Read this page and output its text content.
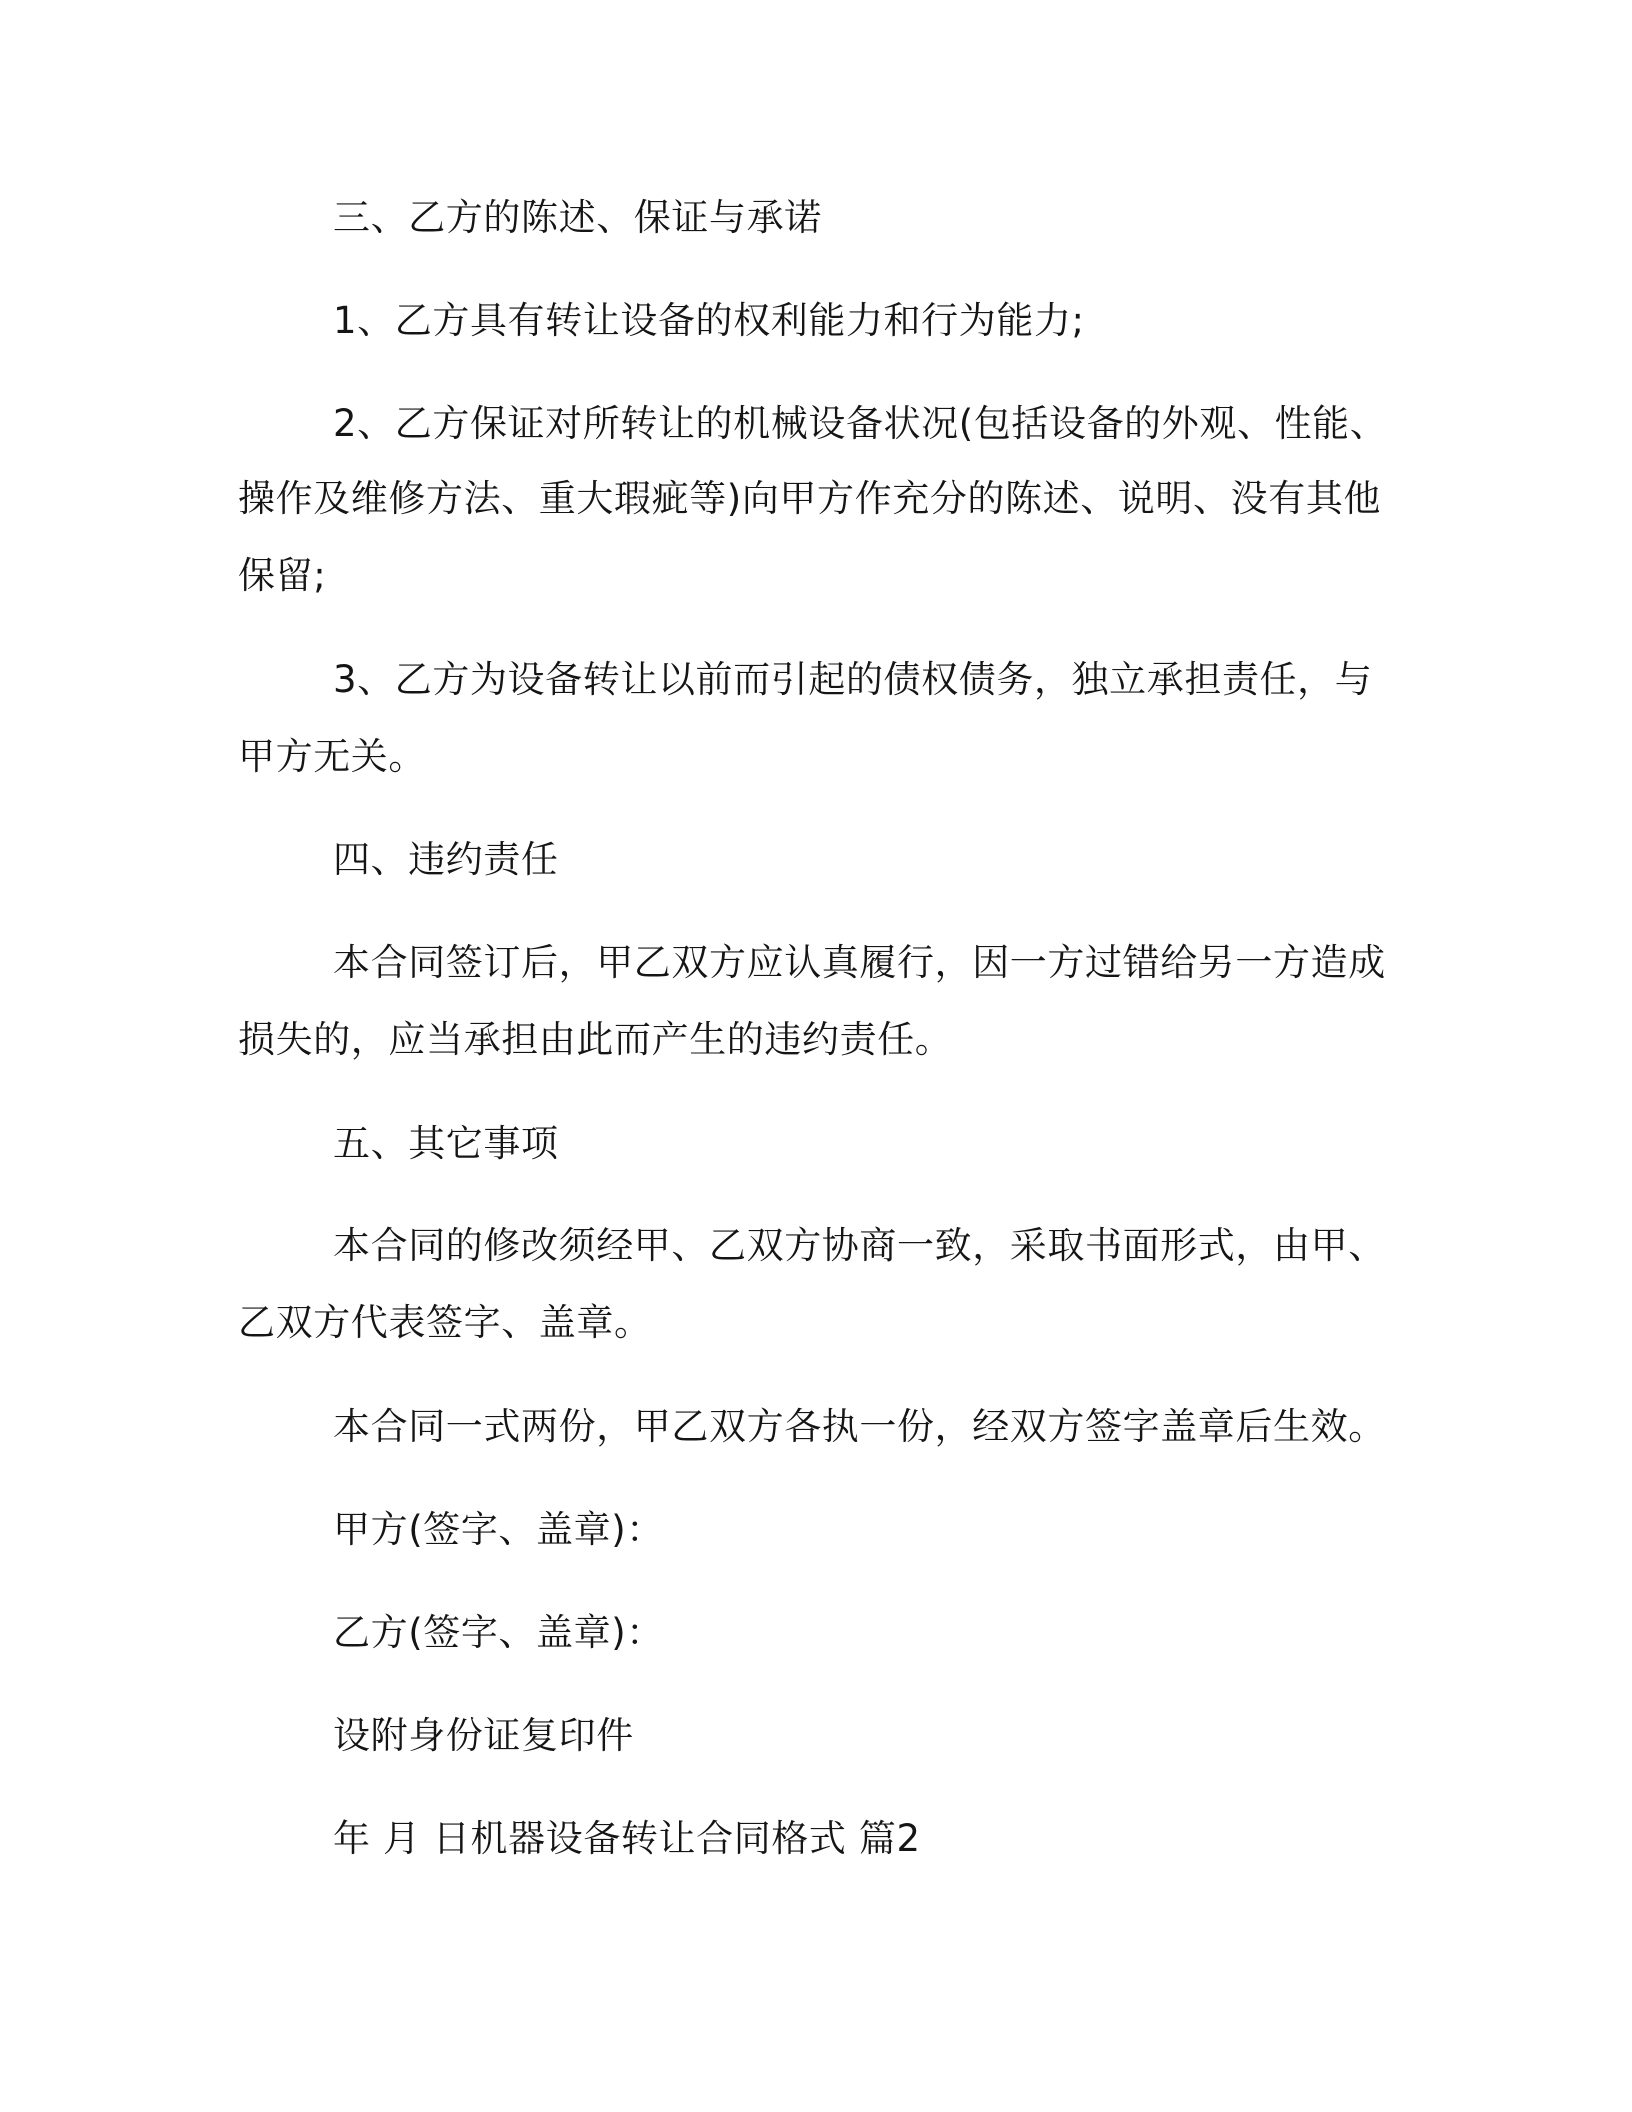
三、乙方的陈述、保证与承诺

1、乙方具有转让设备的权利能力和行为能力;

2、乙方保证对所转让的机械设备状况(包括设备的外观、性能、

操作及维修方法、重大瑕疵等)向甲方作充分的陈述、说明、没有其他

保留;

3、乙方为设备转让以前而引起的债权债务，独立承担责任，与

甲方无关。

四、违约责任

本合同签订后，甲乙双方应认真履行，因一方过错给另一方造成

损失的，应当承担由此而产生的违约责任。

五、其它事项

本合同的修改须经甲、乙双方协商一致，采取书面形式，由甲、

乙双方代表签字、盖章。

本合同一式两份，甲乙双方各执一份，经双方签字盖章后生效。

甲方(签字、盖章)：

乙方(签字、盖章)：

设附身份证复印件

年 月 日机器设备转让合同格式 篇2
